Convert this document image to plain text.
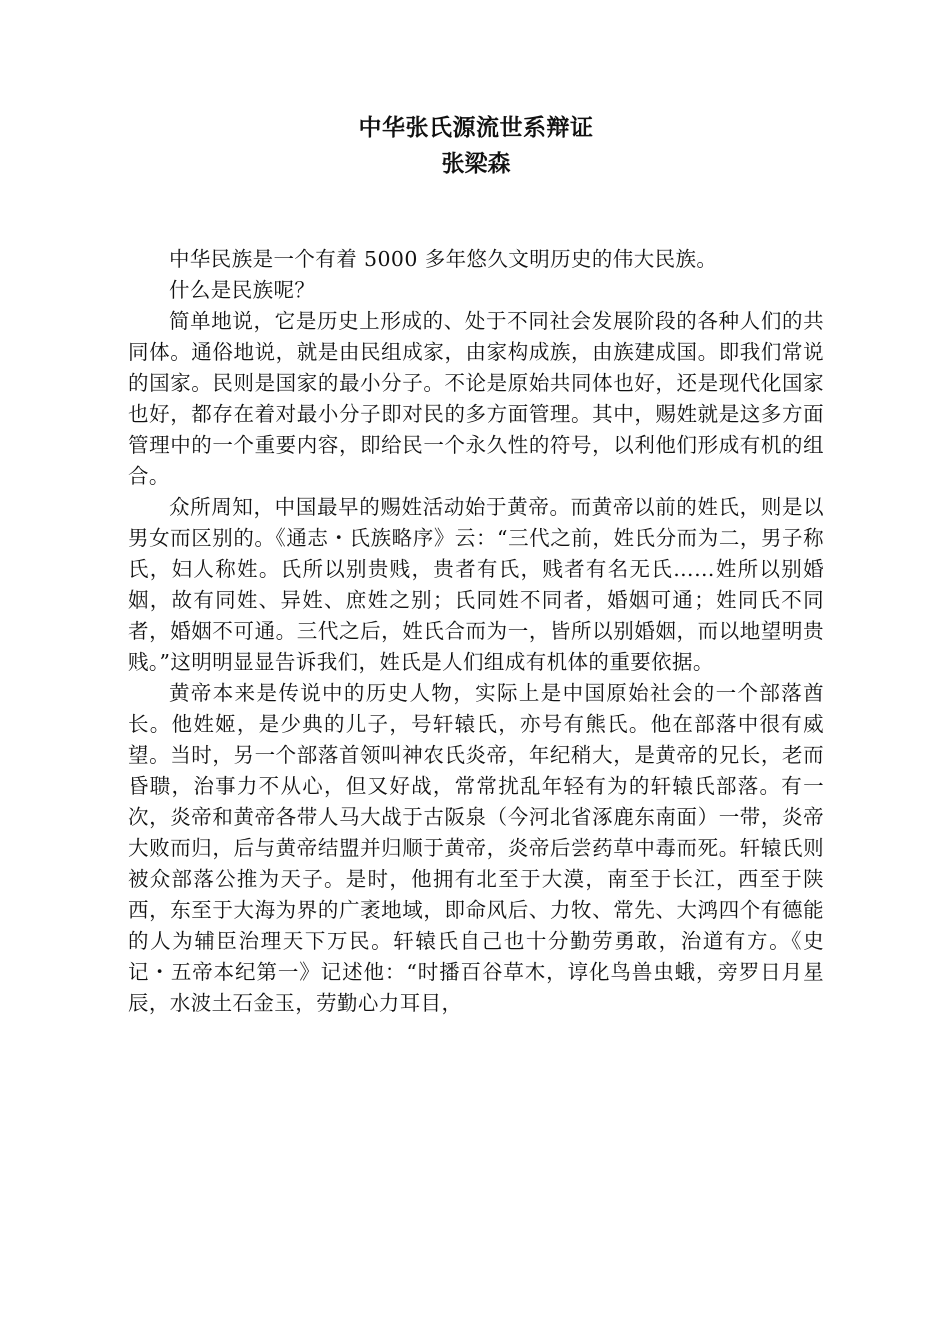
中华张氏源流世系辩证
张梁森

中华民族是一个有着 5000 多年悠久文明历史的伟大民族。

什么是民族呢？

简单地说，它是历史上形成的、处于不同社会发展阶段的各种人们的共同体。通俗地说，就是由民组成家，由家构成族，由族建成国。即我们常说的国家。民则是国家的最小分子。不论是原始共同体也好，还是现代化国家也好，都存在着对最小分子即对民的多方面管理。其中，赐姓就是这多方面管理中的一个重要内容，即给民一个永久性的符号，以利他们形成有机的组合。

众所周知，中国最早的赐姓活动始于黄帝。而黄帝以前的姓氏，则是以男女而区别的。《通志・氏族略序》云：“三代之前，姓氏分而为二，男子称氏，妇人称姓。氏所以别贵贱，贵者有氏，贱者有名无氏……姓所以别婚姻，故有同姓、异姓、庶姓之别；氏同姓不同者，婚姻可通；姓同氏不同者，婚姻不可通。三代之后，姓氏合而为一，皆所以别婚姻，而以地望明贵贱。”这明明显显告诉我们，姓氏是人们组成有机体的重要依据。

黄帝本来是传说中的历史人物，实际上是中国原始社会的一个部落酋长。他姓姬，是少典的儿子，号轩辕氏，亦号有熊氏。他在部落中很有威望。当时，另一个部落首领叫神农氏炎帝，年纪稍大，是黄帝的兄长，老而昏聩，治事力不从心，但又好战，常常扰乱年轻有为的轩辕氏部落。有一次，炎帝和黄帝各带人马大战于古阪泉（今河北省涿鹿东南面）一带，炎帝大败而归，后与黄帝结盟并归顺于黄帝，炎帝后尝药草中毒而死。轩辕氏则被众部落公推为天子。是时，他拥有北至于大漠，南至于长江，西至于陕西，东至于大海为界的广袤地域，即命风后、力牧、常先、大鸿四个有德能的人为辅臣治理天下万民。轩辕氏自己也十分勤劳勇敢，治道有方。《史记・五帝本纪第一》记述他：“时播百谷草木，谆化鸟兽虫蛾，旁罗日月星辰，水波土石金玉，劳勤心力耳目，
